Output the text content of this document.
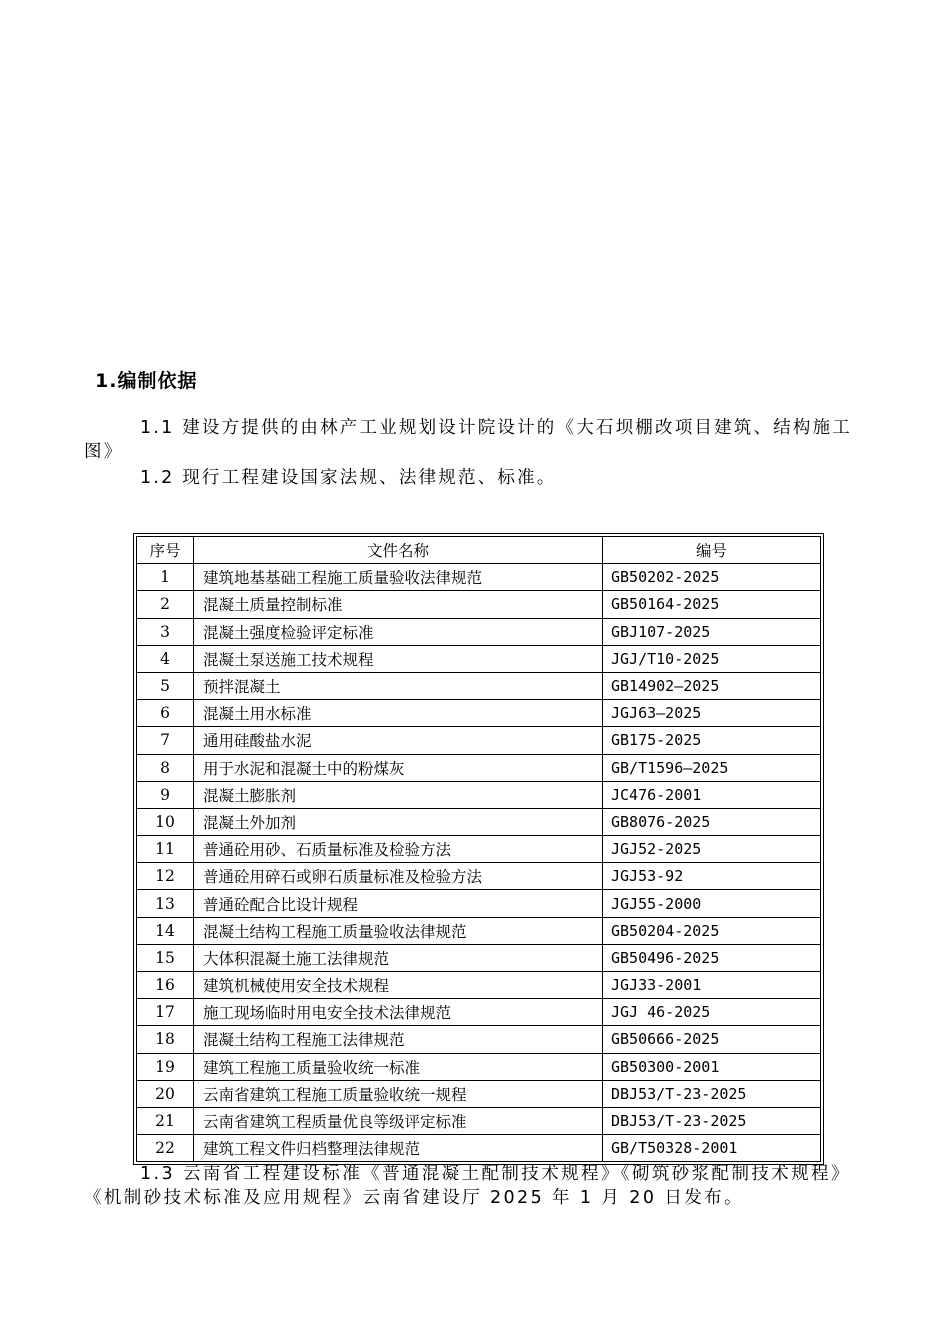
1.编制依据
1.1 建设方提供的由林产工业规划设计院设计的《大石坝棚改项目建筑、结构施工图》
1.2 现行工程建设国家法规、法律规范、标准。
序号	文件名称	编号
1	建筑地基基础工程施工质量验收法律规范	GB50202-2025
2	混凝土质量控制标准	GB50164-2025
3	混凝土强度检验评定标准	GBJ107-2025
4	混凝土泵送施工技术规程	JGJ/T10-2025
5	预拌混凝土	GB14902—2025
6	混凝土用水标准	JGJ63—2025
7	通用硅酸盐水泥	GB175-2025
8	用于水泥和混凝土中的粉煤灰	GB/T1596—2025
9	混凝土膨胀剂	JC476-2001
10	混凝土外加剂	GB8076-2025
11	普通砼用砂、石质量标准及检验方法	JGJ52-2025
12	普通砼用碎石或卵石质量标准及检验方法	JGJ53-92
13	普通砼配合比设计规程	JGJ55-2000
14	混凝土结构工程施工质量验收法律规范	GB50204-2025
15	大体积混凝土施工法律规范	GB50496-2025
16	建筑机械使用安全技术规程	JGJ33-2001
17	施工现场临时用电安全技术法律规范	JGJ 46-2025
18	混凝土结构工程施工法律规范	GB50666-2025
19	建筑工程施工质量验收统一标准	GB50300-2001
20	云南省建筑工程施工质量验收统一规程	DBJ53/T-23-2025
21	云南省建筑工程质量优良等级评定标准	DBJ53/T-23-2025
22	建筑工程文件归档整理法律规范	GB/T50328-2001
1.3 云南省工程建设标准《普通混凝土配制技术规程》《砌筑砂浆配制技术规程》《机制砂技术标准及应用规程》云南省建设厅 2025 年 1 月 20 日发布。
